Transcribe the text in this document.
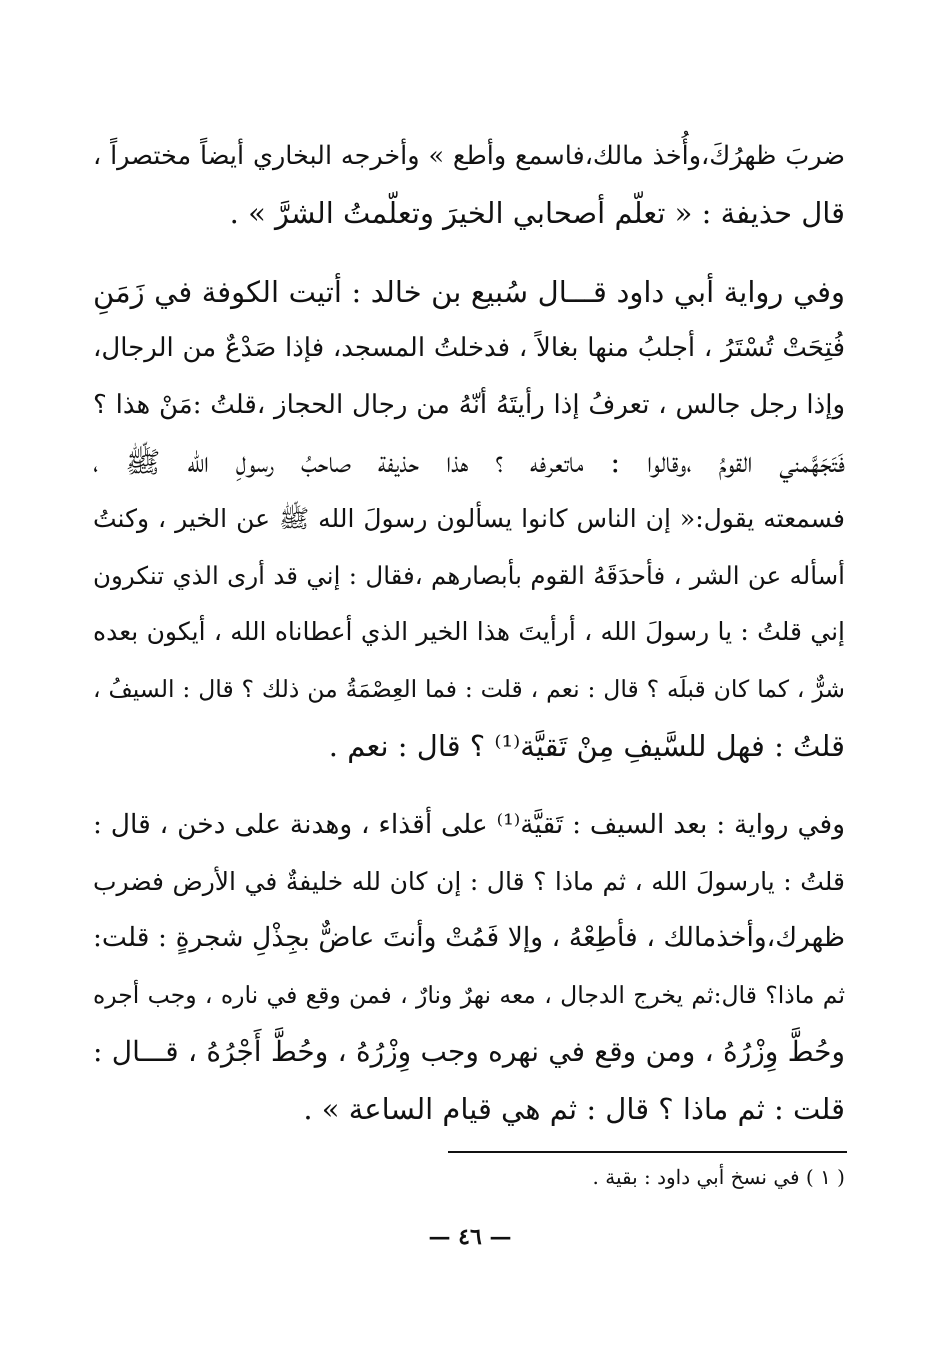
ضربَ ظهرُكَ،وأُخذ مالك،فاسمع وأطع » وأخرجه البخاري أيضاً مختصراً ،
قال حذيفة : « تعلّم أصحابي الخيرَ وتعلّمتُ الشرَّ » .
وفي رواية أبي داود قـــال سُبيع بن خالد : أتيت الكوفة في زَمَنِ
فُتِحَتْ تُسْتَرُ ، أجلبُ منها بغالاً ، فدخلتُ المسجد، فإذا صَدْعٌ من الرجال،
وإذا رجل جالس ، تعرفُ إذا رأيتَهُ أنّهُ من رجال الحجاز ،قلتُ :مَنْ هذا ؟
فَتَجَهَّمني القومُ ،وقالوا : ماتعرفه ؟ هذا حذيفة صاحبُ رسولِ الله ﷺ ،
فسمعته يقول:« إن الناس كانوا يسألون رسولَ الله ﷺ عن الخير ، وكنتُ
أسأله عن الشر ، فأحدَقَهُ القوم بأبصارهم ،فقال : إني قد أرى الذي تنكرون
إني قلتُ : يا رسولَ الله ، أرأيتَ هذا الخير الذي أعطاناه الله ، أيكون بعده
شرٌّ ، كما كان قبلَه ؟ قال : نعم ، قلت : فما العِصْمَةُ من ذلك ؟ قال : السيفُ ،
قلتُ : فهل للسَّيفِ مِنْ تَقيَّة⁽¹⁾ ؟ قال : نعم .
وفي رواية : بعد السيف : تَقيَّة⁽¹⁾ على أقذاء ، وهدنة على دخن ، قال :
قلتُ : يارسولَ الله ، ثم ماذا ؟ قال : إن كان لله خليفةٌ في الأرض فضرب
ظهرك،وأخذمالك ، فأطِعْهُ ، وإلا فَمُتْ وأنتَ عاضٌّ بجِذْلِ شجرةٍ : قلت:
ثم ماذا؟ قال:ثم يخرج الدجال ، معه نهرٌ ونارٌ ، فمن وقع في ناره ، وجب أجره
وحُطَّ وِزْرُهُ ، ومن وقع في نهره وجب وِزْرُهُ ، وحُطَّ أَجْرُهُ ، قـــال :
قلت : ثم ماذا ؟ قال : ثم هي قيام الساعة » .
( ١ ) في نسخ أبي داود : بقية .
— ٤٦ —
